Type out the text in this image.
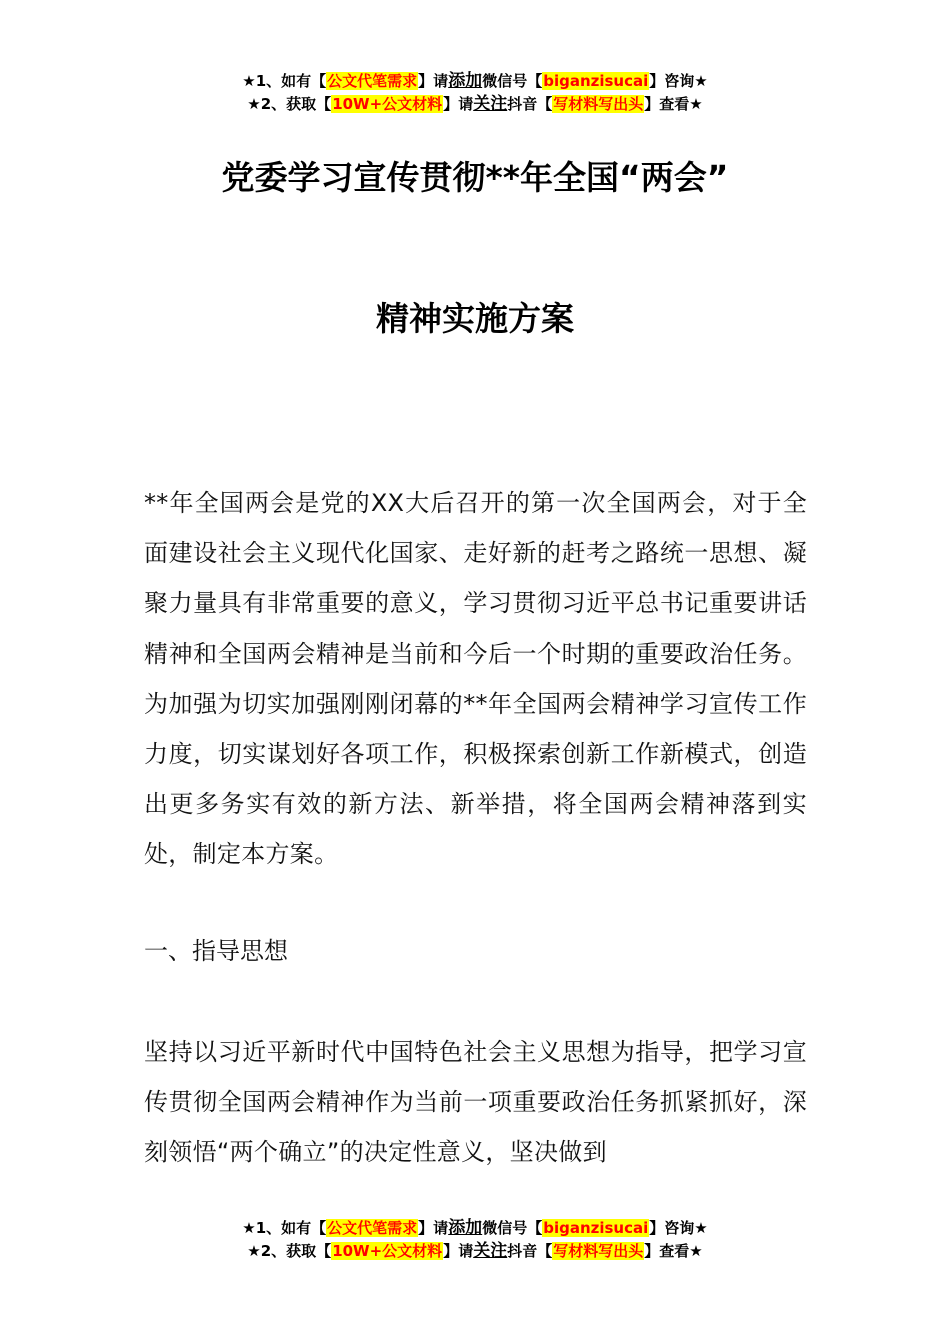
★1、如有【公文代笔需求】请添加微信号【biganzisucai】咨询★
★2、获取【10W+公文材料】请关注抖音【写材料写出头】查看★
党委学习宣传贯彻**年全国“两会”
精神实施方案
**年全国两会是党的XX大后召开的第一次全国两会，对于全面建设社会主义现代化国家、走好新的赶考之路统一思想、凝聚力量具有非常重要的意义，学习贯彻习近平总书记重要讲话精神和全国两会精神是当前和今后一个时期的重要政治任务。为加强为切实加强刚刚闭幕的**年全国两会精神学习宣传工作力度，切实谋划好各项工作，积极探索创新工作新模式，创造出更多务实有效的新方法、新举措，将全国两会精神落到实处，制定本方案。
一、指导思想
坚持以习近平新时代中国特色社会主义思想为指导，把学习宣传贯彻全国两会精神作为当前一项重要政治任务抓紧抓好，深刻领悟“两个确立”的决定性意义，坚决做到
★1、如有【公文代笔需求】请添加微信号【biganzisucai】咨询★
★2、获取【10W+公文材料】请关注抖音【写材料写出头】查看★
